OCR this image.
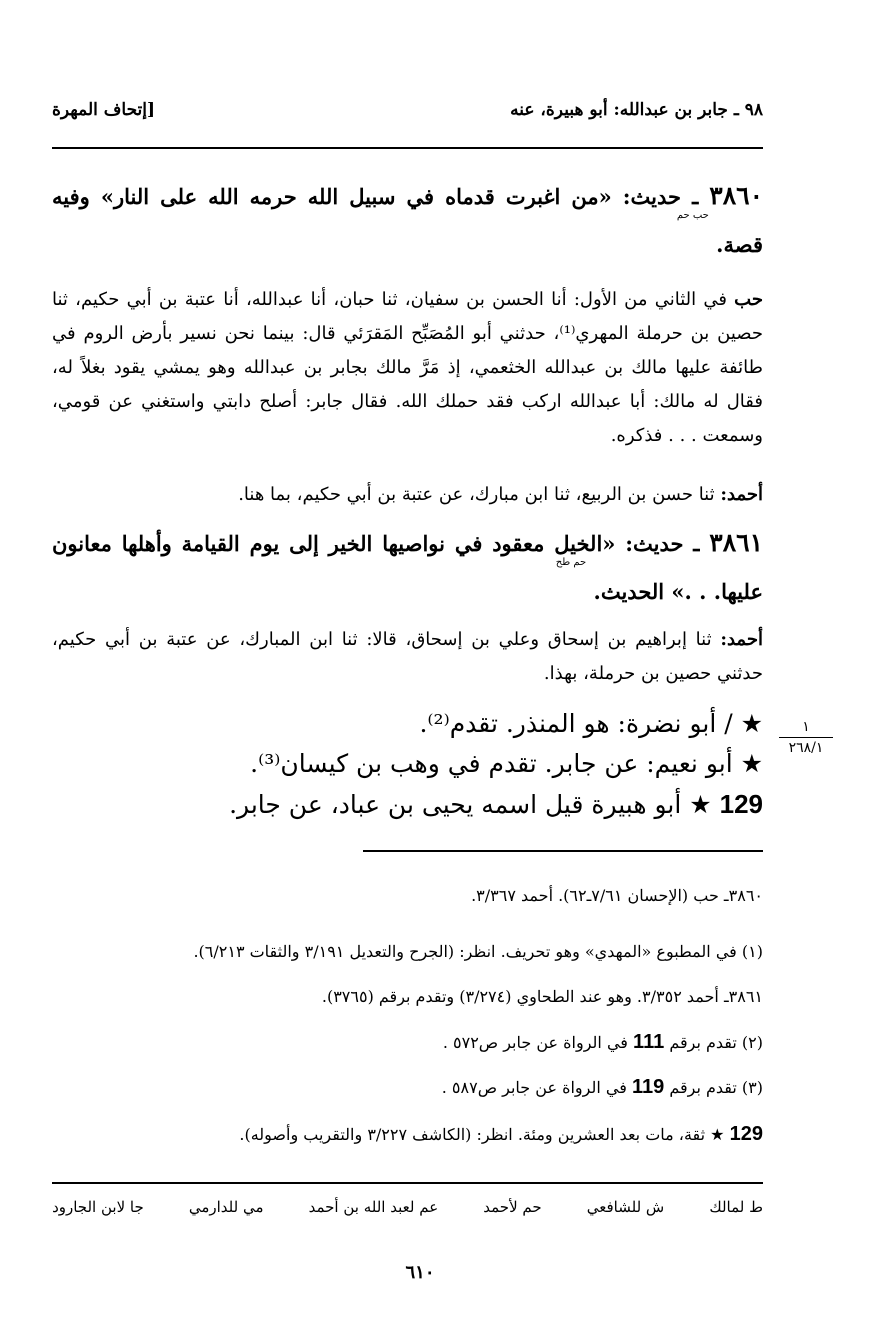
٩٨ ـ جابر بن عبدالله: أبو هبيرة، عنه
[إتحاف المهرة
٣٨٦٠ ـ حديث: «من اغبرت قدماه في سبيل الله حرمه الله على النار» وفيه قصة. حب حم
حب في الثاني من الأول: أنا الحسن بن سفيان، ثنا حبان، أنا عبدالله، أنا عتبة بن أبي حكيم، ثنا حصين بن حرملة المهري⁽¹⁾، حدثني أبو المُصَبِّح المَقرَئي قال: بينما نحن نسير بأرض الروم في طائفة عليها مالك بن عبدالله الخثعمي، إذ مَرَّ مالك بجابر بن عبدالله وهو يمشي يقود بغلاً له، فقال له مالك: أبا عبدالله اركب فقد حملك الله. فقال جابر: أصلح دابتي واستغني عن قومي، وسمعت . . . فذكره.
أحمد: ثنا حسن بن الربيع، ثنا ابن مبارك، عن عتبة بن أبي حكيم، بما هنا.
٣٨٦١ ـ حديث: «الخيل معقود في نواصيها الخير إلى يوم القيامة وأهلها معانون عليها. . .» الحديث. حم طح
أحمد: ثنا إبراهيم بن إسحاق وعلي بن إسحاق، قالا: ثنا ابن المبارك، عن عتبة بن أبي حكيم، حدثني حصين بن حرملة، بهذا.
★ / أبو نضرة: هو المنذر. تقدم⁽²⁾.
★ أبو نعيم: عن جابر. تقدم في وهب بن كيسان⁽³⁾.
129 ★ أبو هبيرة قيل اسمه يحيى بن عباد، عن جابر.
١
٢٦٨/١
٣٨٦٠ـ حب (الإحسان ٧/٦١ـ٦٢). أحمد ٣/٣٦٧.
(١) في المطبوع «المهدي» وهو تحريف. انظر: (الجرح والتعديل ٣/١٩١ والثقات ٦/٢١٣).
٣٨٦١ـ أحمد ٣/٣٥٢. وهو عند الطحاوي (٣/٢٧٤) وتقدم برقم (٣٧٦٥).
(٢) تقدم برقم 111 في الرواة عن جابر ص٥٧٢ .
(٣) تقدم برقم 119 في الرواة عن جابر ص٥٨٧ .
129 ★ ثقة، مات بعد العشرين ومئة. انظر: (الكاشف ٣/٢٢٧ والتقريب وأصوله).
ط لمالك
ش للشافعي
حم لأحمد
عم لعبد الله بن أحمد
مي للدارمي
جا لابن الجارود
٦١٠
